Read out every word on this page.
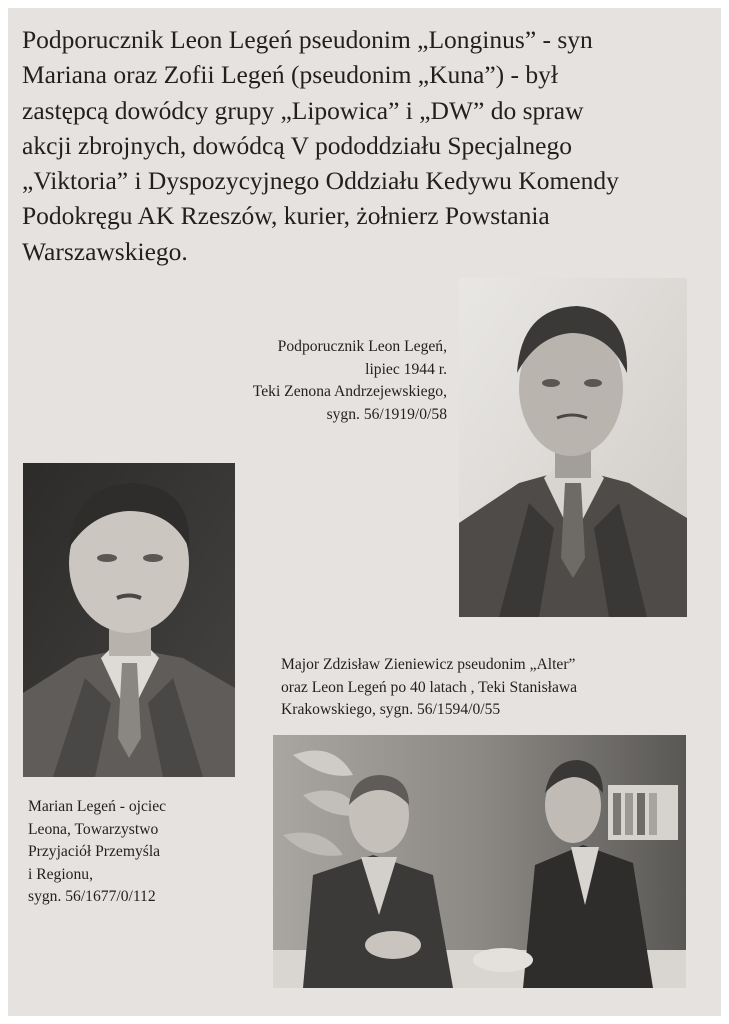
Podporucznik Leon Legeń pseudonim „Longinus” - syn
Mariana oraz Zofii Legeń (pseudonim „Kuna”) - był
zastępcą dowódcy grupy „Lipowica” i „DW” do spraw
akcji zbrojnych, dowódcą V pododdziału Specjalnego
„Viktoria” i Dyspozycyjnego Oddziału Kedywu Komendy
Podokręgu AK Rzeszów, kurier, żołnierz Powstania
Warszawskiego.

Podporucznik Leon Legeń,
lipiec 1944 r.
Teki Zenona Andrzejewskiego,
sygn. 56/1919/0/58

Major Zdzisław Zieniewicz pseudonim „Alter”
oraz Leon Legeń po 40 latach , Teki Stanisława
Krakowskiego, sygn. 56/1594/0/55

Marian Legeń - ojciec
Leona, Towarzystwo
Przyjaciół Przemyśla
i Regionu,
sygn. 56/1677/0/112
